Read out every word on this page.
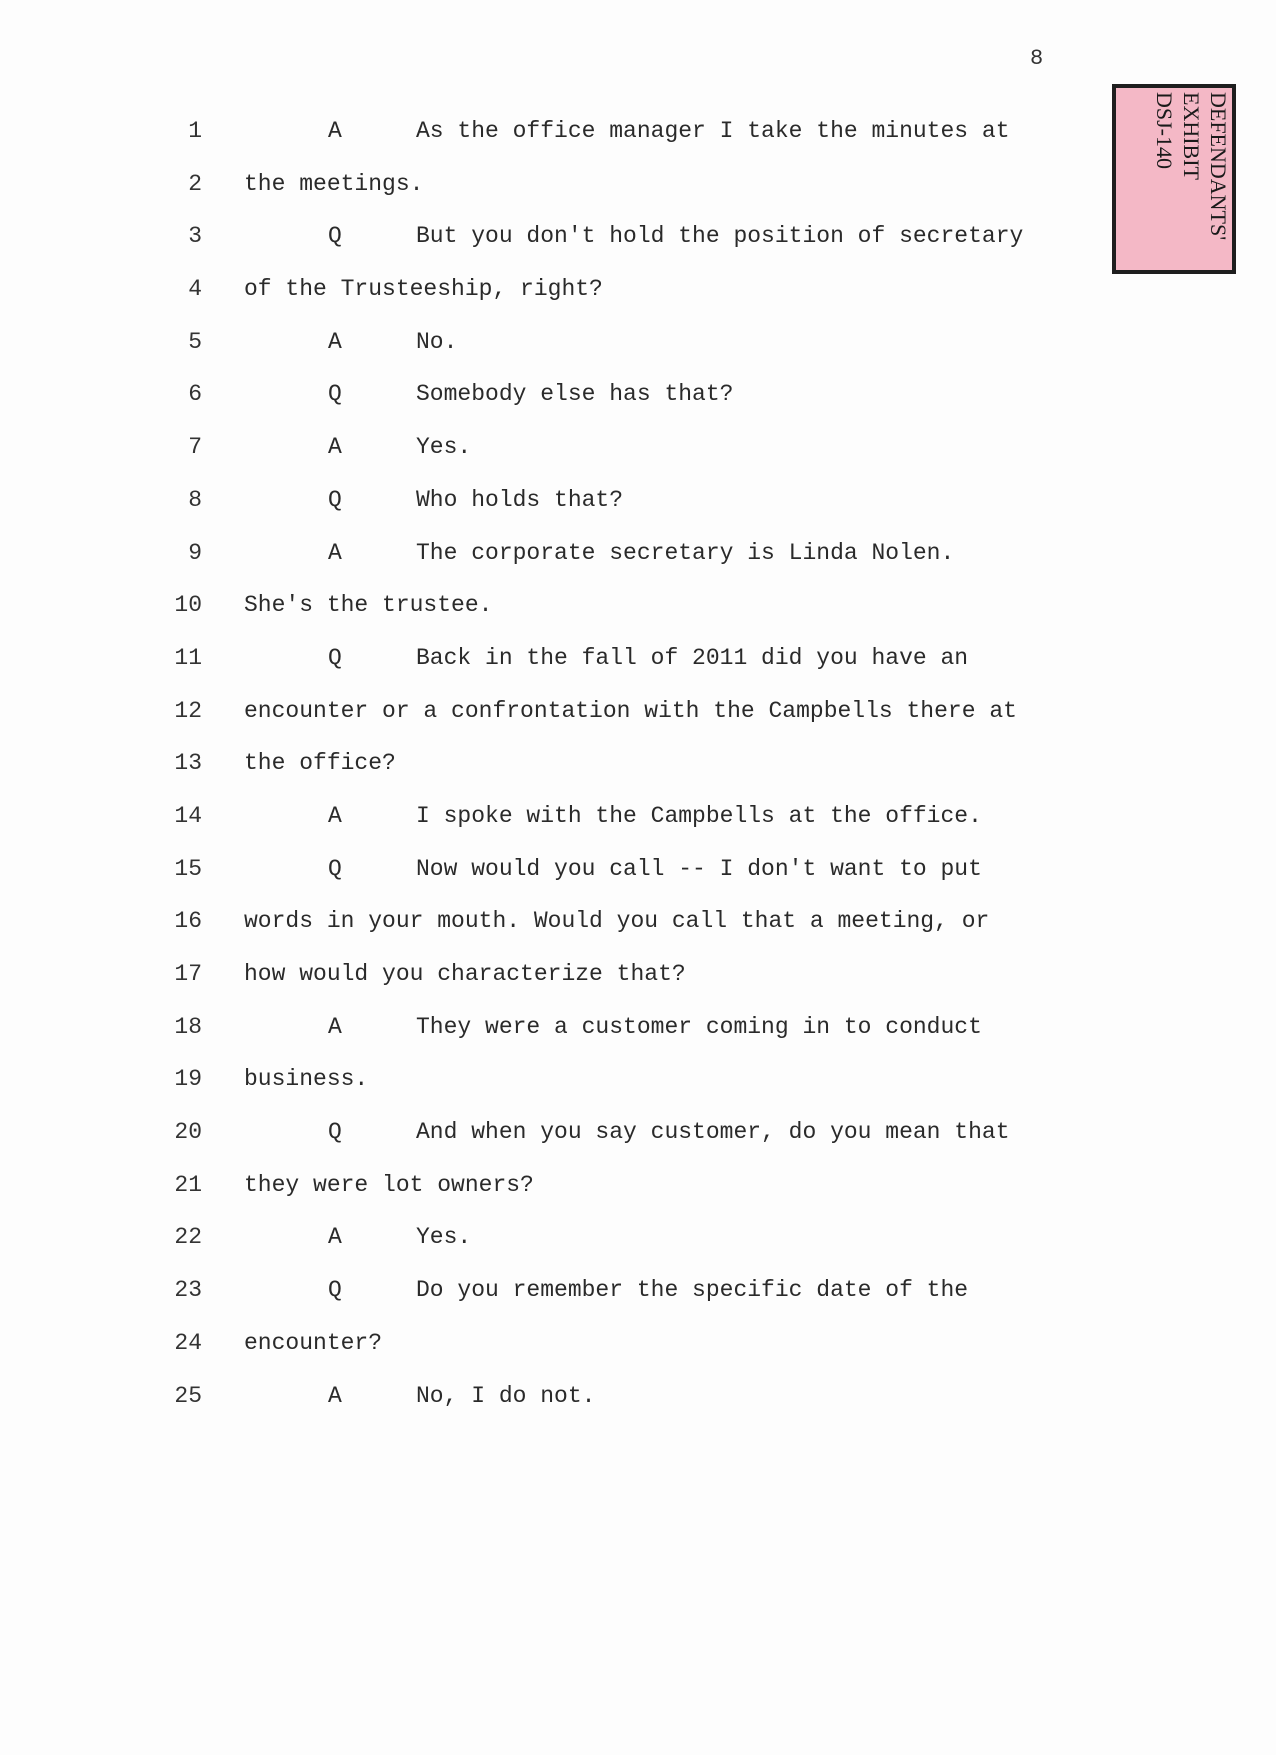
8
DEFENDANTS'
EXHIBIT
DSJ-140
1	A	As the office manager I take the minutes at
2 the meetings.
3	Q	But you don't hold the position of secretary
4 of the Trusteeship, right?
5	A	No.
6	Q	Somebody else has that?
7	A	Yes.
8	Q	Who holds that?
9	A	The corporate secretary is Linda Nolen.
10 She's the trustee.
11	Q	Back in the fall of 2011 did you have an
12 encounter or a confrontation with the Campbells there at
13 the office?
14	A	I spoke with the Campbells at the office.
15	Q	Now would you call -- I don't want to put
16 words in your mouth. Would you call that a meeting, or
17 how would you characterize that?
18	A	They were a customer coming in to conduct
19 business.
20	Q	And when you say customer, do you mean that
21 they were lot owners?
22	A	Yes.
23	Q	Do you remember the specific date of the
24 encounter?
25	A	No, I do not.
